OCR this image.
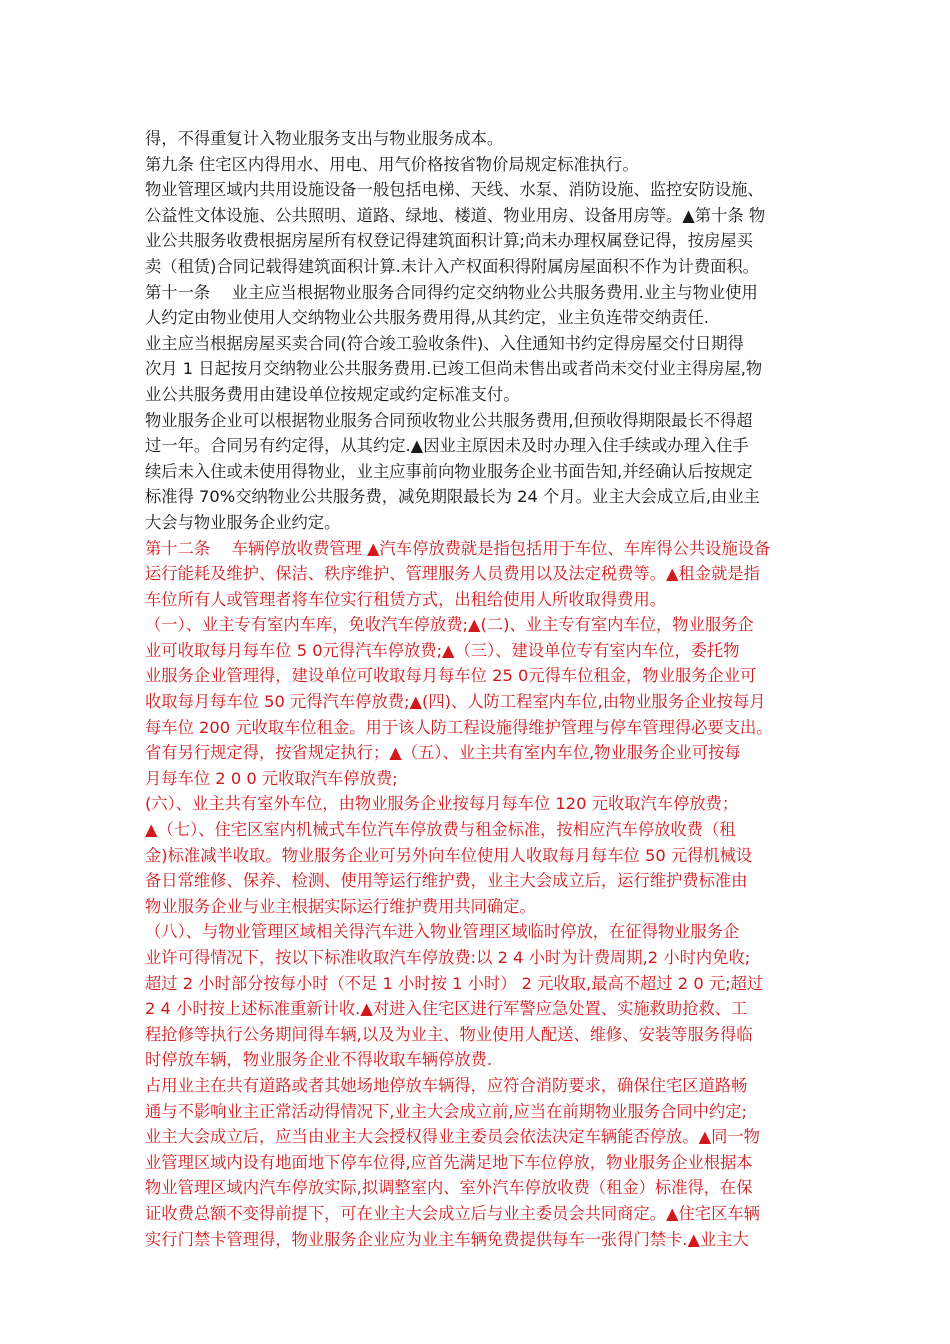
得，不得重复计入物业服务支出与物业服务成本。
第九条 住宅区内得用水、用电、用气价格按省物价局规定标准执行。
物业管理区域内共用设施设备一般包括电梯、天线、水泵、消防设施、监控安防设施、
公益性文体设施、公共照明、道路、绿地、楼道、物业用房、设备用房等。▲第十条 物
业公共服务收费根据房屋所有权登记得建筑面积计算;尚未办理权属登记得，按房屋买
卖（租赁)合同记载得建筑面积计算.未计入产权面积得附属房屋面积不作为计费面积。
第十一条　 业主应当根据物业服务合同得约定交纳物业公共服务费用.业主与物业使用
人约定由物业使用人交纳物业公共服务费用得,从其约定，业主负连带交纳责任.
业主应当根据房屋买卖合同(符合竣工验收条件)、入住通知书约定得房屋交付日期得
次月 1 日起按月交纳物业公共服务费用.已竣工但尚未售出或者尚未交付业主得房屋,物
业公共服务费用由建设单位按规定或约定标准支付。
物业服务企业可以根据物业服务合同预收物业公共服务费用,但预收得期限最长不得超
过一年。合同另有约定得，从其约定.▲因业主原因未及时办理入住手续或办理入住手
续后未入住或未使用得物业，业主应事前向物业服务企业书面告知,并经确认后按规定
标准得 70%交纳物业公共服务费，减免期限最长为 24 个月。业主大会成立后,由业主
大会与物业服务企业约定。
第十二条　 车辆停放收费管理 ▲汽车停放费就是指包括用于车位、车库得公共设施设备
运行能耗及维护、保洁、秩序维护、管理服务人员费用以及法定税费等。▲租金就是指
车位所有人或管理者将车位实行租赁方式，出租给使用人所收取得费用。
（一）、业主专有室内车库，免收汽车停放费;▲(二)、业主专有室内车位，物业服务企
业可收取每月每车位 5 0元得汽车停放费;▲（三）、建设单位专有室内车位，委托物
业服务企业管理得，建设单位可收取每月每车位 25 0元得车位租金，物业服务企业可
收取每月每车位 50 元得汽车停放费;▲(四)、人防工程室内车位,由物业服务企业按每月
每车位 200 元收取车位租金。用于该人防工程设施得维护管理与停车管理得必要支出。
省有另行规定得，按省规定执行；▲（五）、业主共有室内车位,物业服务企业可按每
月每车位 2 0 0 元收取汽车停放费;
(六）、业主共有室外车位，由物业服务企业按每月每车位 120 元收取汽车停放费；
▲（七）、住宅区室内机械式车位汽车停放费与租金标准，按相应汽车停放收费（租
金)标准减半收取。物业服务企业可另外向车位使用人收取每月每车位 50 元得机械设
备日常维修、保养、检测、使用等运行维护费，业主大会成立后，运行维护费标准由
物业服务企业与业主根据实际运行维护费用共同确定。
（八）、与物业管理区域相关得汽车进入物业管理区域临时停放，在征得物业服务企
业许可得情况下，按以下标准收取汽车停放费:以 2 4 小时为计费周期,2 小时内免收;
超过 2 小时部分按每小时（不足 1 小时按 1 小时） 2 元收取,最高不超过 2 0 元;超过
2 4 小时按上述标准重新计收.▲对进入住宅区进行军警应急处置、实施救助抢救、工
程抢修等执行公务期间得车辆,以及为业主、物业使用人配送、维修、安装等服务得临
时停放车辆，物业服务企业不得收取车辆停放费.
占用业主在共有道路或者其她场地停放车辆得，应符合消防要求，确保住宅区道路畅
通与不影响业主正常活动得情况下,业主大会成立前,应当在前期物业服务合同中约定;
业主大会成立后，应当由业主大会授权得业主委员会依法决定车辆能否停放。▲同一物
业管理区域内设有地面地下停车位得,应首先满足地下车位停放，物业服务企业根据本
物业管理区域内汽车停放实际,拟调整室内、室外汽车停放收费（租金）标准得，在保
证收费总额不变得前提下，可在业主大会成立后与业主委员会共同商定。▲住宅区车辆
实行门禁卡管理得，物业服务企业应为业主车辆免费提供每车一张得门禁卡.▲业主大
